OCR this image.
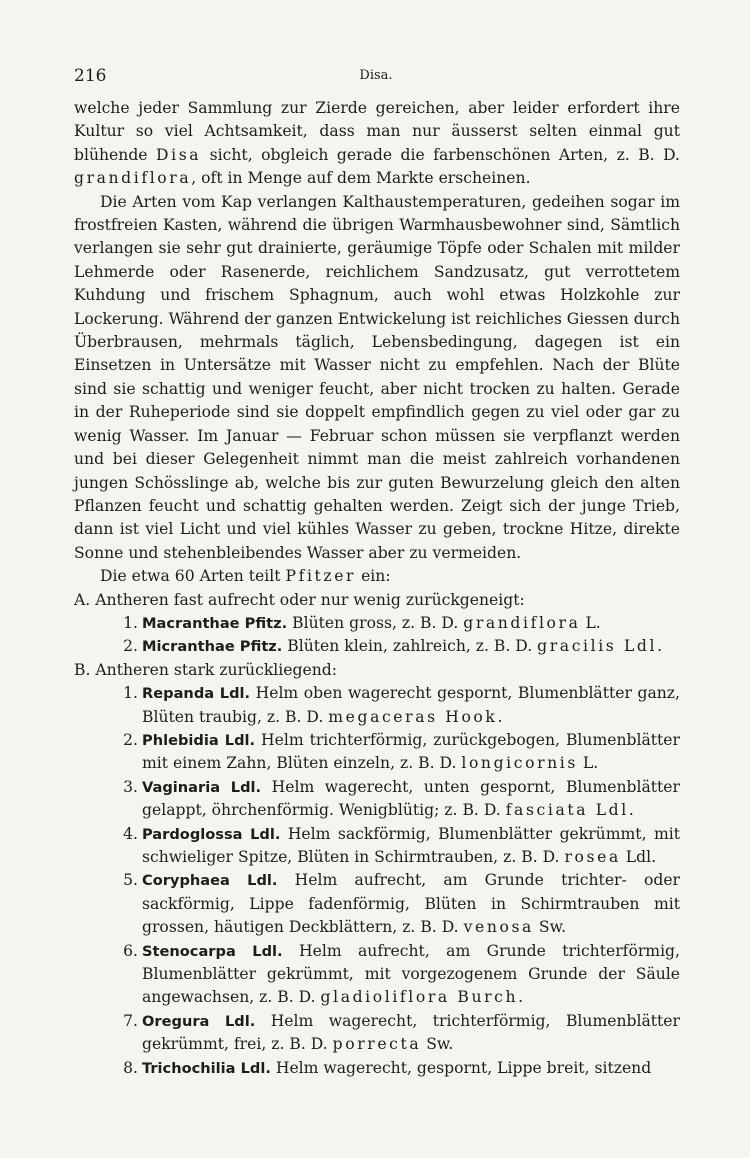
216	Disa.

welche jeder Sammlung zur Zierde gereichen, aber leider erfordert ihre Kultur so viel Achtsamkeit, dass man nur äusserst selten einmal gut blühende Disa sicht, obgleich gerade die farbenschönen Arten, z. B. D. grandiflora, oft in Menge auf dem Markte erscheinen.

Die Arten vom Kap verlangen Kalthaustemperaturen, gedeihen sogar im frostfreien Kasten, während die übrigen Warmhausbewohner sind, Sämtlich verlangen sie sehr gut drainierte, geräumige Töpfe oder Schalen mit milder Lehmerde oder Rasenerde, reichlichem Sandzusatz, gut verrottetem Kuhdung und frischem Sphagnum, auch wohl etwas Holzkohle zur Lockerung. Während der ganzen Entwickelung ist reichliches Giessen durch Überbrausen, mehrmals täglich, Lebensbedingung, dagegen ist ein Einsetzen in Untersätze mit Wasser nicht zu empfehlen. Nach der Blüte sind sie schattig und weniger feucht, aber nicht trocken zu halten. Gerade in der Ruheperiode sind sie doppelt empfindlich gegen zu viel oder gar zu wenig Wasser. Im Januar — Februar schon müssen sie verpflanzt werden und bei dieser Gelegenheit nimmt man die meist zahlreich vorhandenen jungen Schösslinge ab, welche bis zur guten Bewurzelung gleich den alten Pflanzen feucht und schattig gehalten werden. Zeigt sich der junge Trieb, dann ist viel Licht und viel kühles Wasser zu geben, trockne Hitze, direkte Sonne und stehenbleibendes Wasser aber zu vermeiden.

Die etwa 60 Arten teilt Pfitzer ein:

A. Antheren fast aufrecht oder nur wenig zurückgeneigt:

1. Macranthae Pfitz. Blüten gross, z. B. D. grandiflora L.
2. Micranthae Pfitz. Blüten klein, zahlreich, z. B. D. gracilis Ldl.

B. Antheren stark zurückliegend:

1. Repanda Ldl. Helm oben wagerecht gespornt, Blumenblätter ganz, Blüten traubig, z. B. D. megaceras Hook.
2. Phlebidia Ldl. Helm trichterförmig, zurückgebogen, Blumenblätter mit einem Zahn, Blüten einzeln, z. B. D. longicornis L.
3. Vaginaria Ldl. Helm wagerecht, unten gespornt, Blumenblätter gelappt, öhrchenförmig. Wenigblütig; z. B. D. fasciata Ldl.
4. Pardoglossa Ldl. Helm sackförmig, Blumenblätter gekrümmt, mit schwieliger Spitze, Blüten in Schirmtrauben, z. B. D. rosea Ldl.
5. Coryphaea Ldl. Helm aufrecht, am Grunde trichter- oder sackförmig, Lippe fadenförmig, Blüten in Schirmtrauben mit grossen, häutigen Deckblättern, z. B. D. venosa Sw.
6. Stenocarpa Ldl. Helm aufrecht, am Grunde trichterförmig, Blumenblätter gekrümmt, mit vorgezogenem Grunde der Säule angewachsen, z. B. D. gladioliflora Burch.
7. Oregura Ldl. Helm wagerecht, trichterförmig, Blumenblätter gekrümmt, frei, z. B. D. porrecta Sw.
8. Trichochilia Ldl. Helm wagerecht, gespornt, Lippe breit, sitzend
